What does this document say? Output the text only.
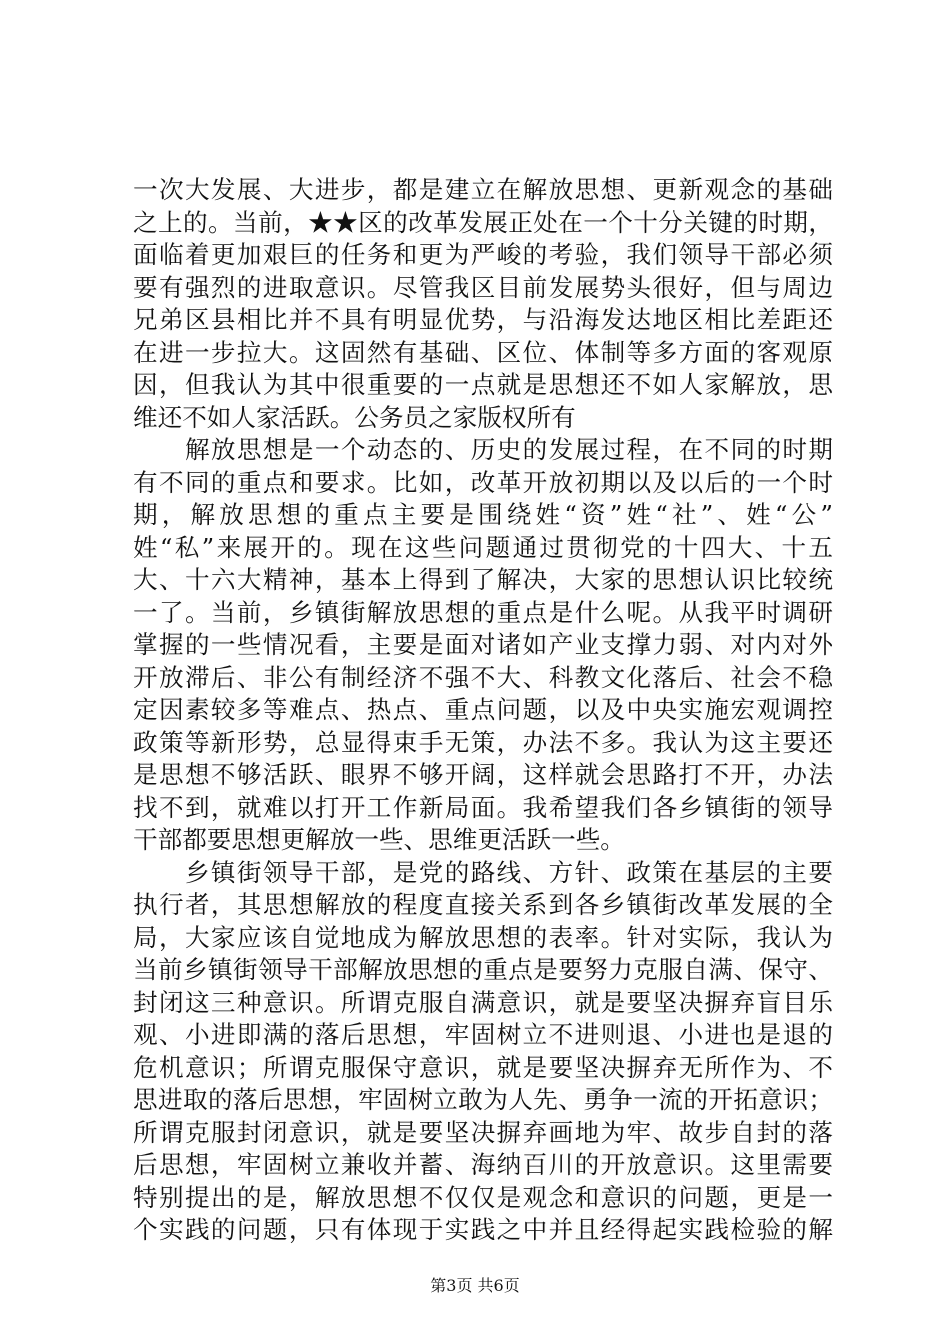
一次大发展、大进步，都是建立在解放思想、更新观念的基础
之上的。当前，★★区的改革发展正处在一个十分关键的时期，
面临着更加艰巨的任务和更为严峻的考验，我们领导干部必须
要有强烈的进取意识。尽管我区目前发展势头很好，但与周边
兄弟区县相比并不具有明显优势，与沿海发达地区相比差距还
在进一步拉大。这固然有基础、区位、体制等多方面的客观原
因，但我认为其中很重要的一点就是思想还不如人家解放，思
维还不如人家活跃。公务员之家版权所有
　　解放思想是一个动态的、历史的发展过程，在不同的时期
有不同的重点和要求。比如，改革开放初期以及以后的一个时
期，解放思想的重点主要是围绕姓“资”姓“社”、姓“公”
姓“私”来展开的。现在这些问题通过贯彻党的十四大、十五
大、十六大精神，基本上得到了解决，大家的思想认识比较统
一了。当前，乡镇街解放思想的重点是什么呢。从我平时调研
掌握的一些情况看，主要是面对诸如产业支撑力弱、对内对外
开放滞后、非公有制经济不强不大、科教文化落后、社会不稳
定因素较多等难点、热点、重点问题，以及中央实施宏观调控
政策等新形势，总显得束手无策，办法不多。我认为这主要还
是思想不够活跃、眼界不够开阔，这样就会思路打不开，办法
找不到，就难以打开工作新局面。我希望我们各乡镇街的领导
干部都要思想更解放一些、思维更活跃一些。
　　乡镇街领导干部，是党的路线、方针、政策在基层的主要
执行者，其思想解放的程度直接关系到各乡镇街改革发展的全
局，大家应该自觉地成为解放思想的表率。针对实际，我认为
当前乡镇街领导干部解放思想的重点是要努力克服自满、保守、
封闭这三种意识。所谓克服自满意识，就是要坚决摒弃盲目乐
观、小进即满的落后思想，牢固树立不进则退、小进也是退的
危机意识；所谓克服保守意识，就是要坚决摒弃无所作为、不
思进取的落后思想，牢固树立敢为人先、勇争一流的开拓意识；
所谓克服封闭意识，就是要坚决摒弃画地为牢、故步自封的落
后思想，牢固树立兼收并蓄、海纳百川的开放意识。这里需要
特别提出的是，解放思想不仅仅是观念和意识的问题，更是一
个实践的问题，只有体现于实践之中并且经得起实践检验的解
第3页 共6页
